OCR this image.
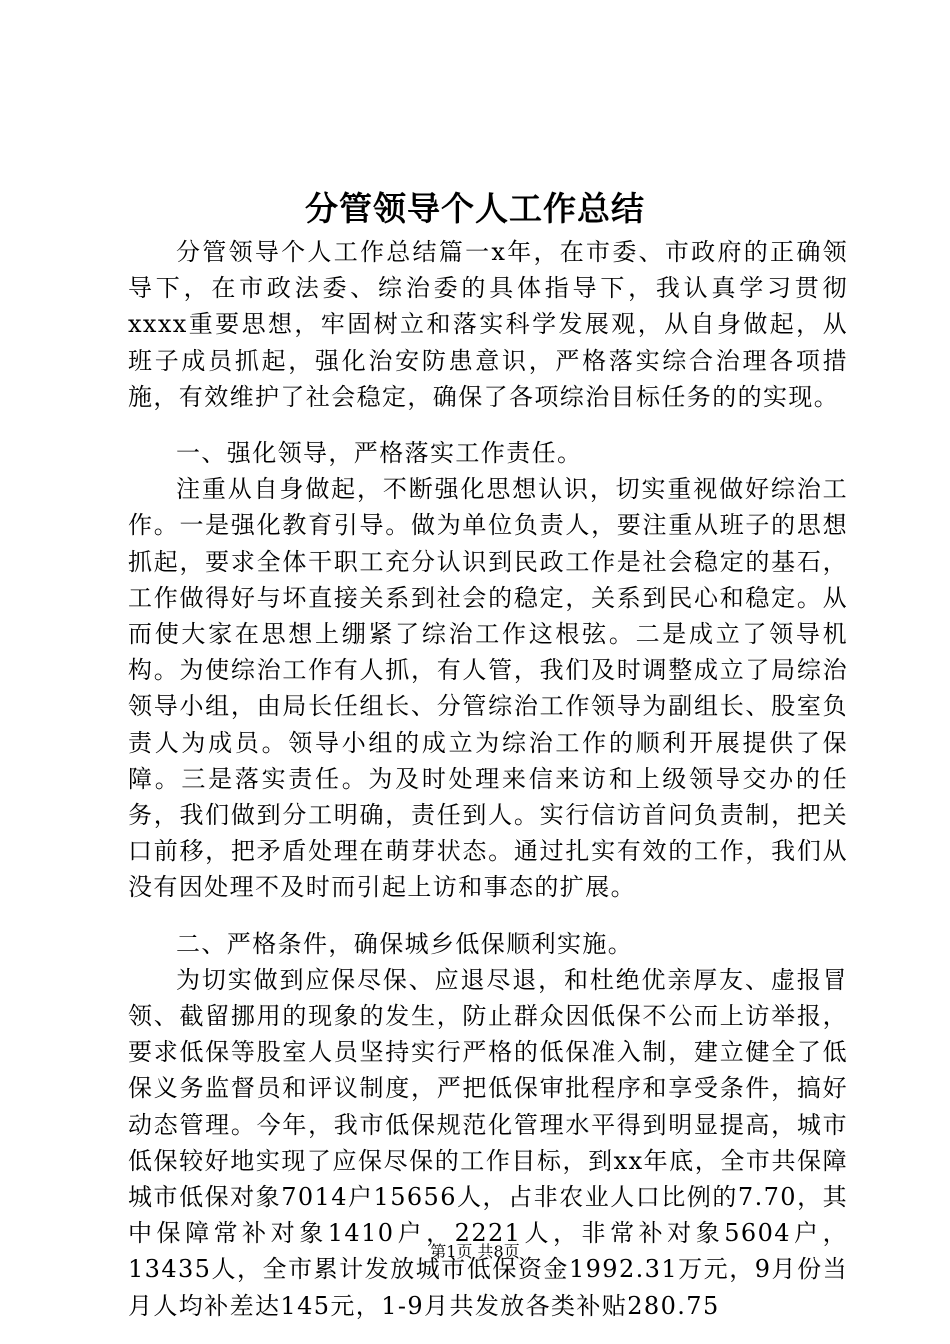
分管领导个人工作总结

分管领导个人工作总结篇一x年，在市委、市政府的正确领导下，在市政法委、综治委的具体指导下，我认真学习贯彻xxxx重要思想，牢固树立和落实科学发展观，从自身做起，从班子成员抓起，强化治安防患意识，严格落实综合治理各项措施，有效维护了社会稳定，确保了各项综治目标任务的的实现。

一、强化领导，严格落实工作责任。

注重从自身做起，不断强化思想认识，切实重视做好综治工作。一是强化教育引导。做为单位负责人，要注重从班子的思想抓起，要求全体干职工充分认识到民政工作是社会稳定的基石，工作做得好与坏直接关系到社会的稳定，关系到民心和稳定。从而使大家在思想上绷紧了综治工作这根弦。二是成立了领导机构。为使综治工作有人抓，有人管，我们及时调整成立了局综治领导小组，由局长任组长、分管综治工作领导为副组长、股室负责人为成员。领导小组的成立为综治工作的顺利开展提供了保障。三是落实责任。为及时处理来信来访和上级领导交办的任务，我们做到分工明确，责任到人。实行信访首问负责制，把关口前移，把矛盾处理在萌芽状态。通过扎实有效的工作，我们从没有因处理不及时而引起上访和事态的扩展。

二、严格条件，确保城乡低保顺利实施。

为切实做到应保尽保、应退尽退，和杜绝优亲厚友、虚报冒领、截留挪用的现象的发生，防止群众因低保不公而上访举报，要求低保等股室人员坚持实行严格的低保准入制，建立健全了低保义务监督员和评议制度，严把低保审批程序和享受条件，搞好动态管理。今年，我市低保规范化管理水平得到明显提高，城市低保较好地实现了应保尽保的工作目标，到xx年底，全市共保障城市低保对象7014户15656人，占非农业人口比例的7.70，其中保障常补对象1410户，2221人，非常补对象5604户，13435人，全市累计发放城市低保资金1992.31万元，9月份当月人均补差达145元，1-9月共发放各类补贴280.75

第1页 共8页
